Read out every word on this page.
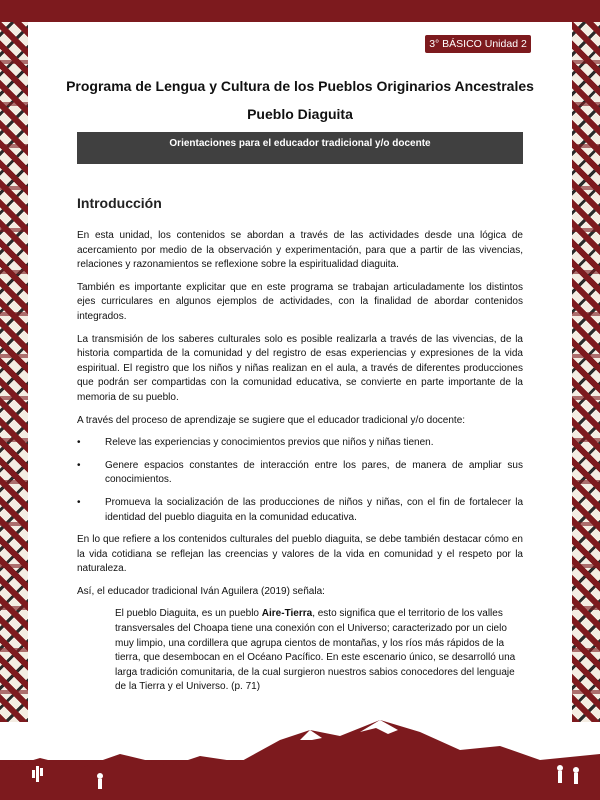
3° BÁSICO Unidad 2
Programa de Lengua y Cultura de los Pueblos Originarios Ancestrales
Pueblo Diaguita
Orientaciones para el educador tradicional y/o docente
Introducción

En esta unidad, los contenidos se abordan a través de las actividades desde una lógica de acercamiento por medio de la observación y experimentación, para que a partir de las vivencias, relaciones y razonamientos se reflexione sobre la espiritualidad diaguita.

También es importante explicitar que en este programa se trabajan articuladamente los distintos ejes curriculares en algunos ejemplos de actividades, con la finalidad de abordar contenidos integrados.

La transmisión de los saberes culturales solo es posible realizarla a través de las vivencias, de la historia compartida de la comunidad y del registro de esas experiencias y expresiones de la vida espiritual. El registro que los niños y niñas realizan en el aula, a través de diferentes producciones que podrán ser compartidas con la comunidad educativa, se convierte en parte importante de la memoria de su pueblo.

A través del proceso de aprendizaje se sugiere que el educador tradicional y/o docente:

• Releve las experiencias y conocimientos previos que niños y niñas tienen.
• Genere espacios constantes de interacción entre los pares, de manera de ampliar sus conocimientos.
• Promueva la socialización de las producciones de niños y niñas, con el fin de fortalecer la identidad del pueblo diaguita en la comunidad educativa.

En lo que refiere a los contenidos culturales del pueblo diaguita, se debe también destacar cómo en la vida cotidiana se reflejan las creencias y valores de la vida en comunidad y el respeto por la naturaleza.

Así, el educador tradicional Iván Aguilera (2019) señala:

El pueblo Diaguita, es un pueblo Aire-Tierra, esto significa que el territorio de los valles transversales del Choapa tiene una conexión con el Universo; caracterizado por un cielo muy limpio, una cordillera que agrupa cientos de montañas, y los ríos más rápidos de la tierra, que desembocan en el Océano Pacífico. En este escenario único, se desarrolló una larga tradición comunitaria, de la cual surgieron nuestros sabios conocedores del lenguaje de la Tierra y el Universo. (p. 71)
